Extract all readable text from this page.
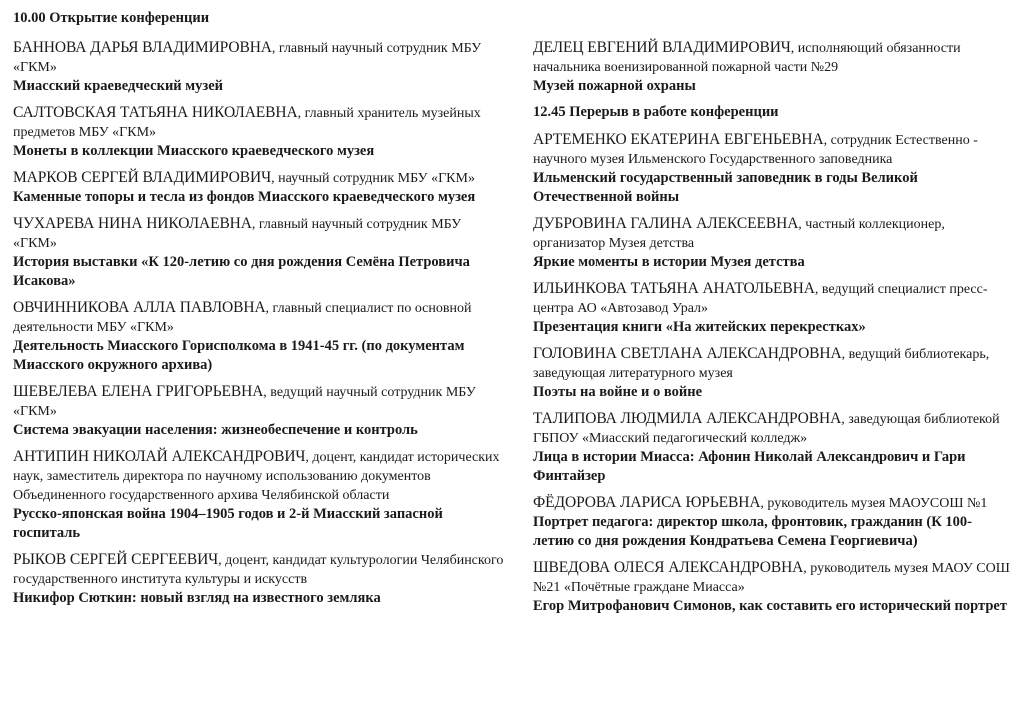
10.00 Открытие конференции

БАННОВА ДАРЬЯ ВЛАДИМИРОВНА, главный научный сотрудник МБУ «ГКМ»

Миасский краеведческий музей

САЛТОВСКАЯ ТАТЬЯНА НИКОЛАЕВНА, главный хранитель музейных предметов МБУ «ГКМ»

Монеты в коллекции Миасского краеведческого музея

МАРКОВ СЕРГЕЙ ВЛАДИМИРОВИЧ, научный сотрудник МБУ «ГКМ»

Каменные топоры и тесла из фондов Миасского краеведческого музея

ЧУХАРЕВА НИНА НИКОЛАЕВНА, главный научный сотрудник МБУ «ГКМ»

История выставки «К 120-летию со дня рождения Семёна Петровича Исакова»

ОВЧИННИКОВА АЛЛА ПАВЛОВНА, главный специалист по основной деятельности МБУ «ГКМ»

Деятельность Миасского Горисполкома в 1941-45 гг. (по документам Миасского окружного архива)

ШЕВЕЛЕВА ЕЛЕНА ГРИГОРЬЕВНА, ведущий научный сотрудник МБУ «ГКМ»

Система эвакуации населения: жизнеобеспечение и контроль

АНТИПИН НИКОЛАЙ АЛЕКСАНДРОВИЧ, доцент, кандидат исторических наук, заместитель директора по научному использованию документов Объединенного государственного архива Челябинской области

Русско-японская война 1904–1905 годов и 2-й Миасский запасной госпиталь

РЫКОВ СЕРГЕЙ СЕРГЕЕВИЧ, доцент, кандидат культурологии Челябинского государственного института культуры и искусств

Никифор Сюткин: новый взгляд на известного земляка

ДЕЛЕЦ ЕВГЕНИЙ ВЛАДИМИРОВИЧ, исполняющий обязанности начальника военизированной пожарной части №29

Музей пожарной охраны

12.45 Перерыв в работе конференции

АРТЕМЕНКО ЕКАТЕРИНА ЕВГЕНЬЕВНА, сотрудник Естественно - научного музея Ильменского Государственного заповедника

Ильменский государственный заповедник в годы Великой Отечественной войны

ДУБРОВИНА ГАЛИНА АЛЕКСЕЕВНА, частный коллекционер, организатор Музея детства

Яркие моменты в истории Музея детства

ИЛЬИНКОВА ТАТЬЯНА АНАТОЛЬЕВНА, ведущий специалист пресс-центра АО «Автозавод Урал»

Презентация книги «На житейских перекрестках»

ГОЛОВИНА СВЕТЛАНА АЛЕКСАНДРОВНА, ведущий библиотекарь, заведующая литературного музея

Поэты на войне и о войне

ТАЛИПОВА ЛЮДМИЛА АЛЕКСАНДРОВНА, заведующая библиотекой ГБПОУ «Миасский педагогический колледж»

Лица в истории Миасса: Афонин Николай Александрович и Гари Финтайзер

ФЁДОРОВА ЛАРИСА ЮРЬЕВНА, руководитель музея МАОУСОШ №1

Портрет педагога: директор школа, фронтовик, гражданин (К 100-летию со дня рождения Кондратьева Семена Георгиевича)

ШВЕДОВА ОЛЕСЯ АЛЕКСАНДРОВНА, руководитель музея МАОУ СОШ №21 «Почётные граждане Миасса»

Егор Митрофанович Симонов, как составить его исторический портрет
